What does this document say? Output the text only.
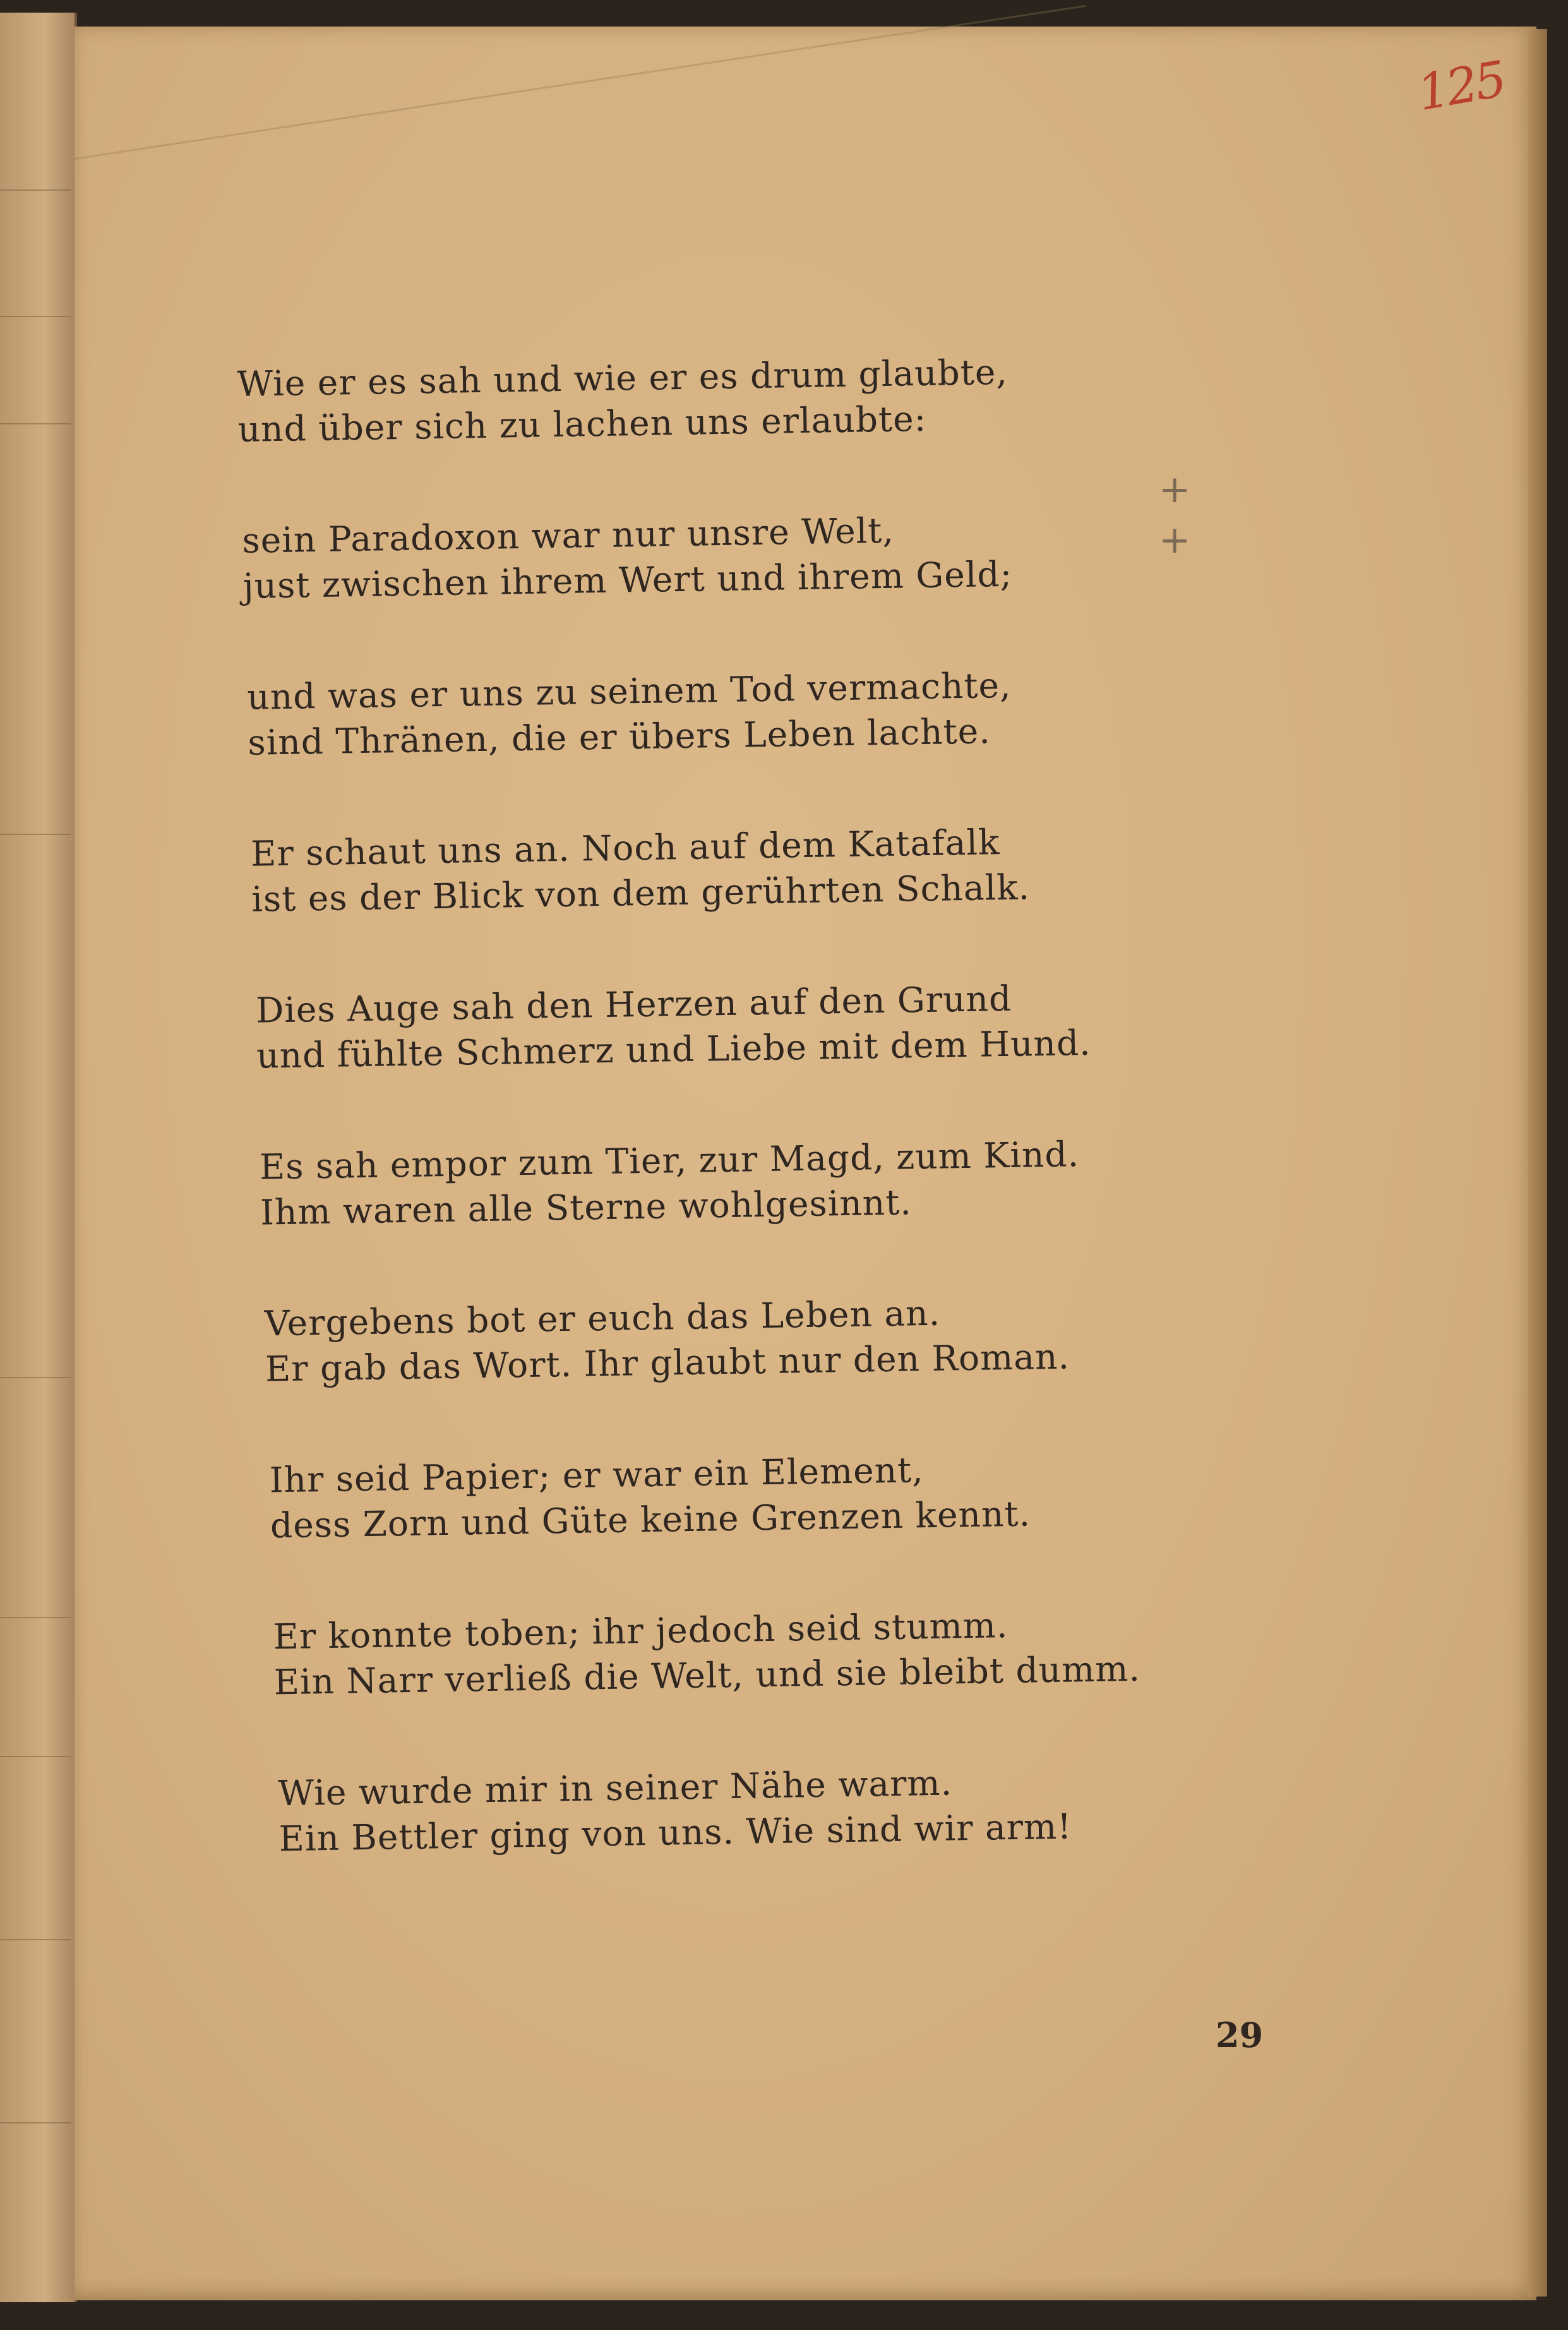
125
+
+
Wie er es sah und wie er es drum glaubte,
und über sich zu lachen uns erlaubte:
sein Paradoxon war nur unsre Welt,
just zwischen ihrem Wert und ihrem Geld;
und was er uns zu seinem Tod vermachte,
sind Thränen, die er übers Leben lachte.
Er schaut uns an. Noch auf dem Katafalk
ist es der Blick von dem gerührten Schalk.
Dies Auge sah den Herzen auf den Grund
und fühlte Schmerz und Liebe mit dem Hund.
Es sah empor zum Tier, zur Magd, zum Kind.
Ihm waren alle Sterne wohlgesinnt.
Vergebens bot er euch das Leben an.
Er gab das Wort. Ihr glaubt nur den Roman.
Ihr seid Papier; er war ein Element,
dess Zorn und Güte keine Grenzen kennt.
Er konnte toben; ihr jedoch seid stumm.
Ein Narr verließ die Welt, und sie bleibt dumm.
Wie wurde mir in seiner Nähe warm.
Ein Bettler ging von uns. Wie sind wir arm!
29
